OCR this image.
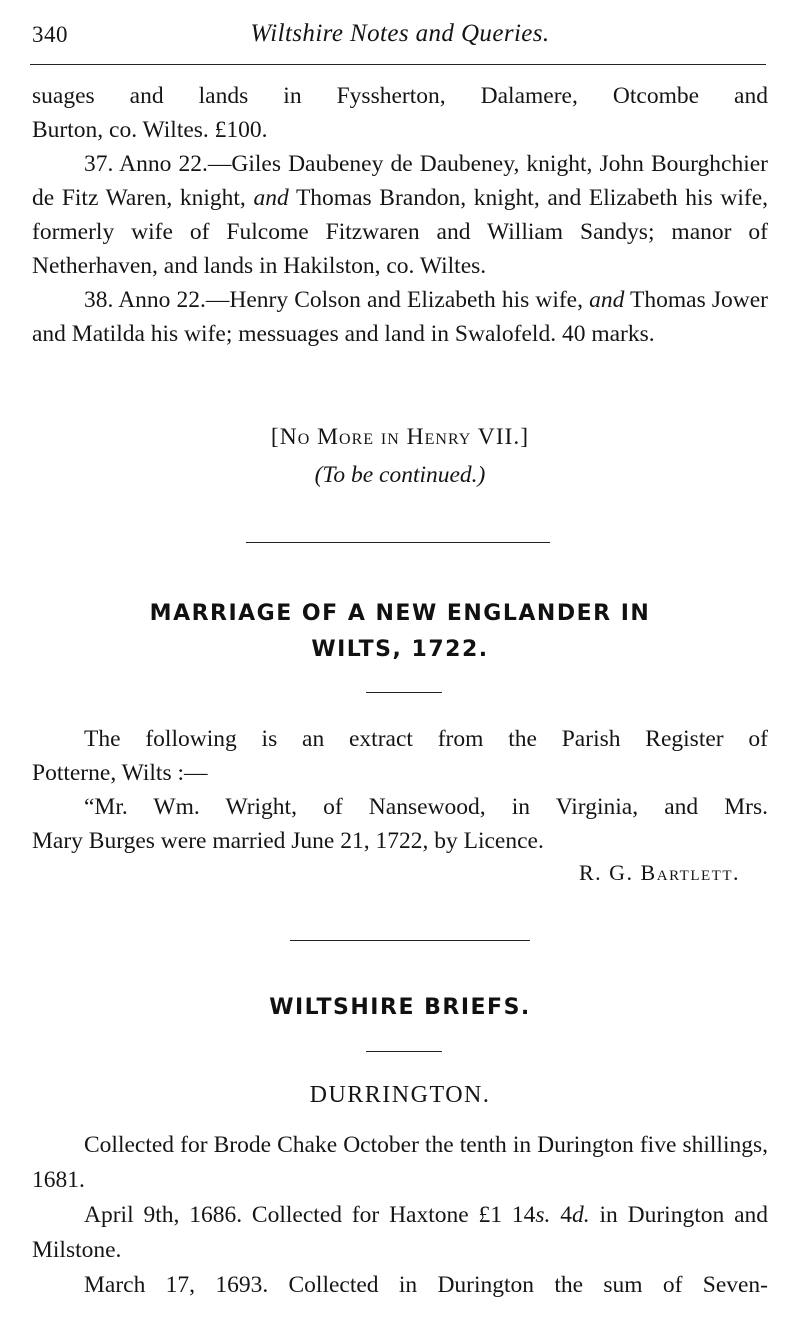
340	Wiltshire Notes and Queries.

suages and lands in Fyssherton, Dalamere, Otcombe and

Burton, co. Wiltes. £100.

37. Anno 22.—Giles Daubeney de Daubeney, knight, John Bourghchier de Fitz Waren, knight, and Thomas Brandon, knight, and Elizabeth his wife, formerly wife of Fulcome Fitzwaren and William Sandys; manor of Netherhaven, and lands in Hakilston, co. Wiltes.

38. Anno 22.—Henry Colson and Elizabeth his wife, and Thomas Jower and Matilda his wife; messuages and land in Swalofeld. 40 marks.

[No More in Henry VII.]
(To be continued.)
MARRIAGE OF A NEW ENGLANDER IN
WILTS, 1722.

The following is an extract from the Parish Register of

Potterne, Wilts :—

“Mr. Wm. Wright, of Nansewood, in Virginia, and Mrs.

Mary Burges were married June 21, 1722, by Licence.

R. G. Bartlett.
WILTSHIRE BRIEFS.
DURRINGTON.

Collected for Brode Chake October the tenth in Durington five shillings, 1681.

April 9th, 1686. Collected for Haxtone £1 14s. 4d. in Durington and Milstone.

March 17, 1693. Collected in Durington the sum of Seven-
